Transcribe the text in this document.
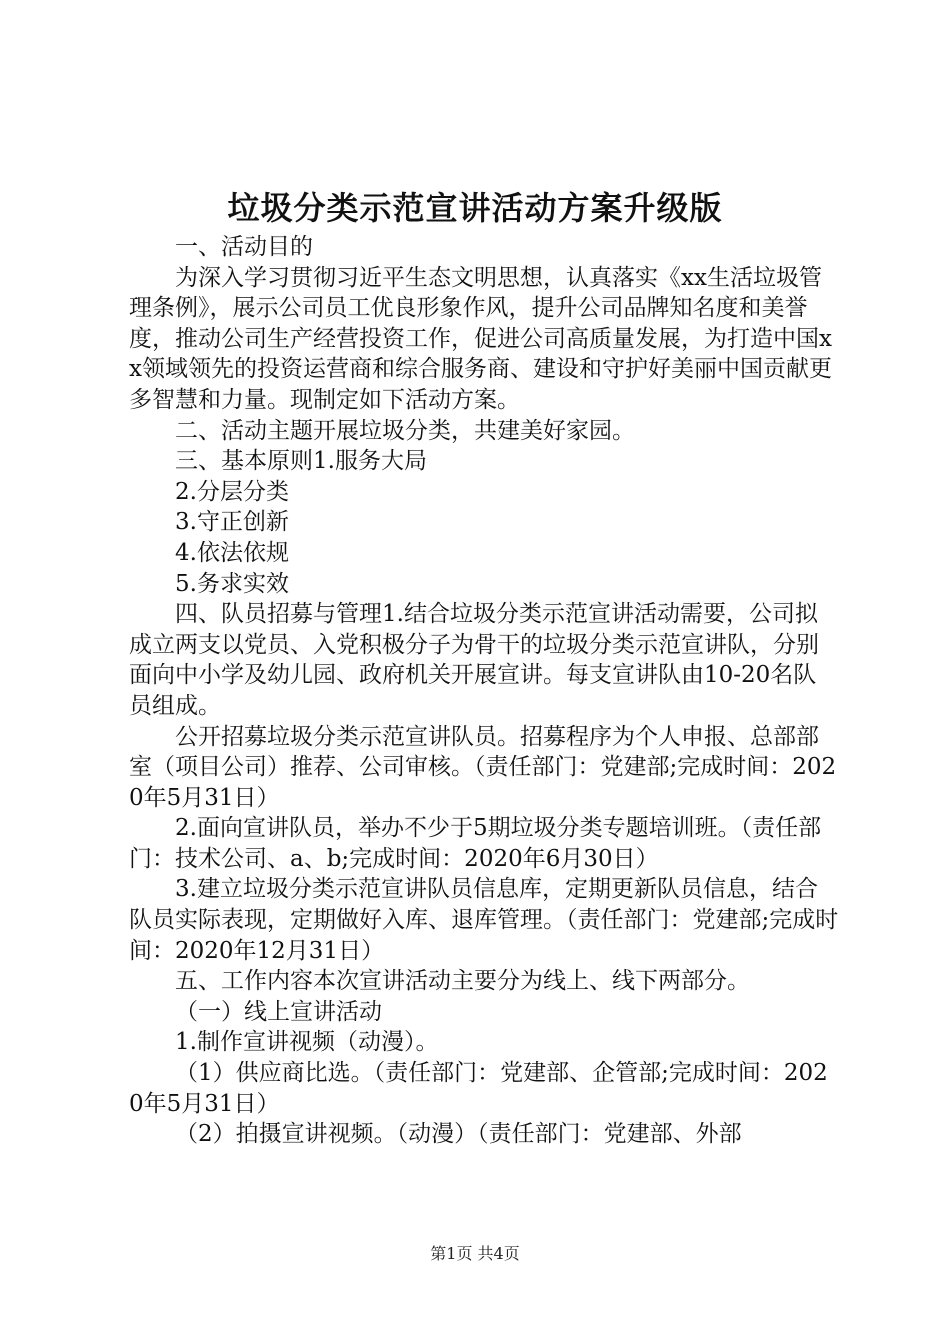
垃圾分类示范宣讲活动方案升级版

一、活动目的

为深入学习贯彻习近平生态文明思想，认真落实《xx生活垃圾管理条例》，展示公司员工优良形象作风，提升公司品牌知名度和美誉度，推动公司生产经营投资工作，促进公司高质量发展，为打造中国xx领域领先的投资运营商和综合服务商、建设和守护好美丽中国贡献更多智慧和力量。现制定如下活动方案。

二、活动主题开展垃圾分类，共建美好家园。

三、基本原则1.服务大局

2.分层分类

3.守正创新

4.依法依规

5.务求实效

四、队员招募与管理1.结合垃圾分类示范宣讲活动需要，公司拟成立两支以党员、入党积极分子为骨干的垃圾分类示范宣讲队，分别面向中小学及幼儿园、政府机关开展宣讲。每支宣讲队由10-20名队员组成。

公开招募垃圾分类示范宣讲队员。招募程序为个人申报、总部部室（项目公司）推荐、公司审核。（责任部门：党建部;完成时间：2020年5月31日）

2.面向宣讲队员，举办不少于5期垃圾分类专题培训班。（责任部门：技术公司、a、b;完成时间：2020年6月30日）

3.建立垃圾分类示范宣讲队员信息库，定期更新队员信息，结合队员实际表现，定期做好入库、退库管理。（责任部门：党建部;完成时间：2020年12月31日）

五、工作内容本次宣讲活动主要分为线上、线下两部分。

（一）线上宣讲活动

1.制作宣讲视频（动漫）。

（1）供应商比选。（责任部门：党建部、企管部;完成时间：2020年5月31日）

（2）拍摄宣讲视频。（动漫）（责任部门：党建部、外部

第1页 共4页
